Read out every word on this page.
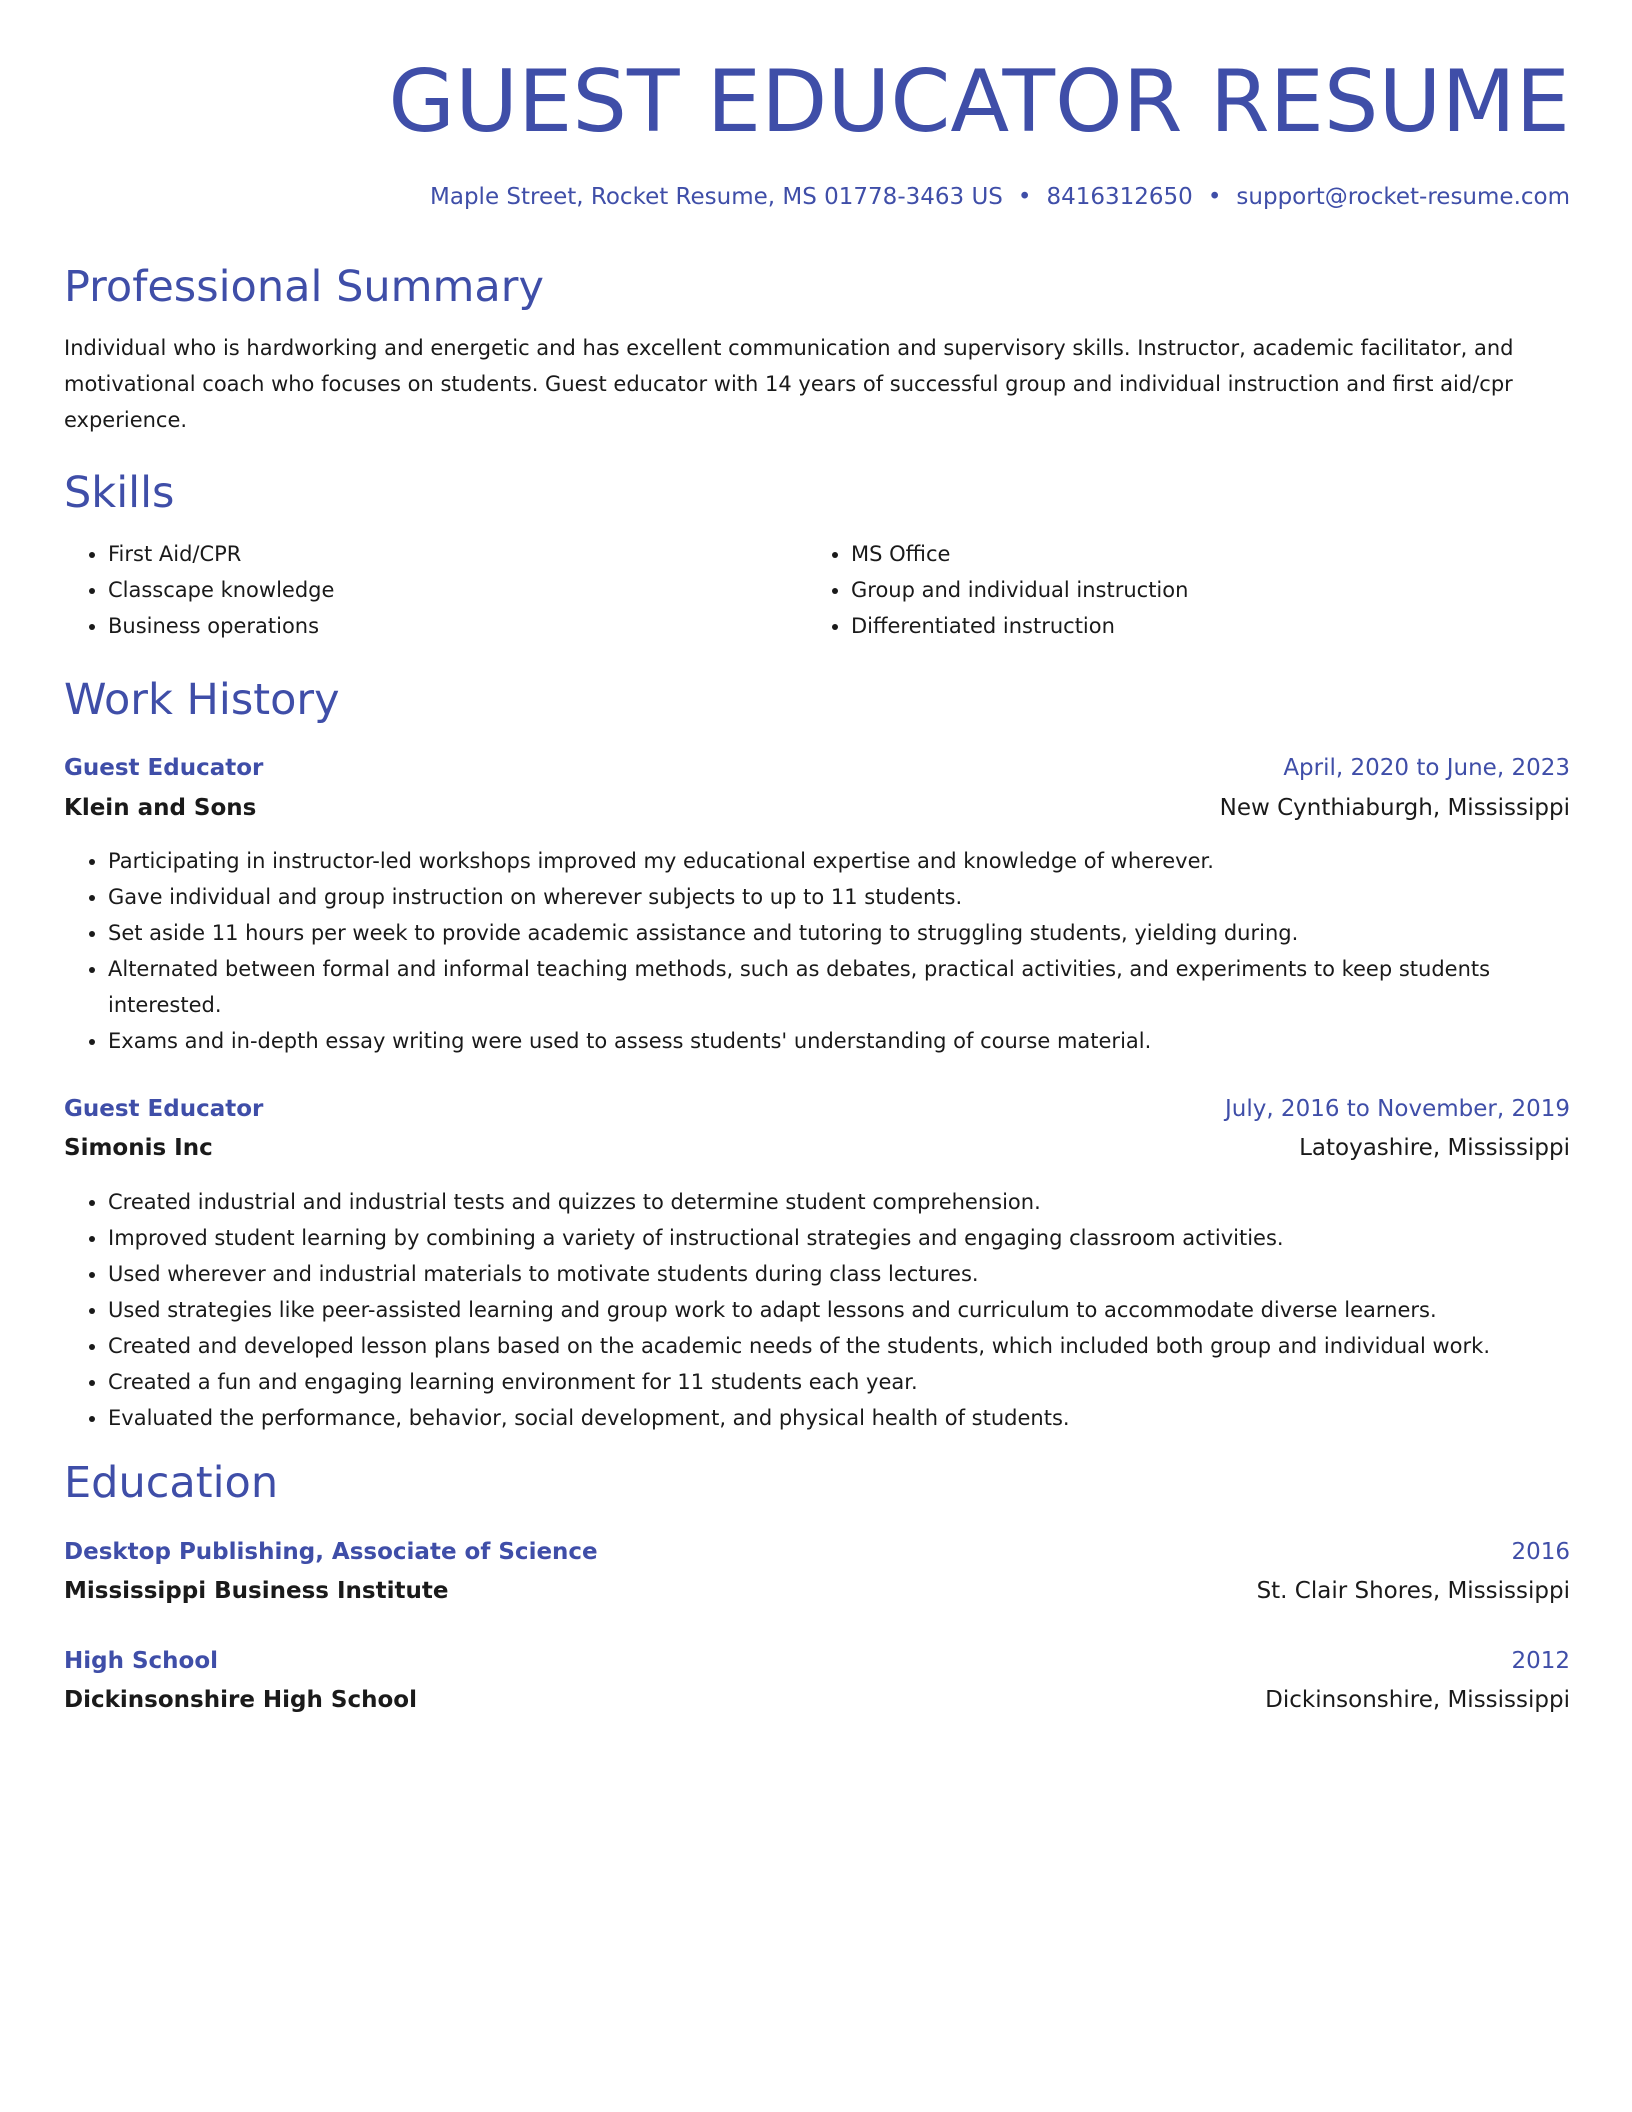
GUEST EDUCATOR RESUME
Maple Street, Rocket Resume, MS 01778-3463 US • 8416312650 • support@rocket-resume.com
Professional Summary

Individual who is hardworking and energetic and has excellent communication and supervisory skills. Instructor, academic facilitator, and motivational coach who focuses on students. Guest educator with 14 years of successful group and individual instruction and first aid/cpr experience.

Skills
• First Aid/CPR
• Classcape knowledge
• Business operations
• MS Office
• Group and individual instruction
• Differentiated instruction
Work History
Guest Educator	April, 2020 to June, 2023
Klein and Sons	New Cynthiaburgh, Mississippi
• Participating in instructor-led workshops improved my educational expertise and knowledge of wherever.
• Gave individual and group instruction on wherever subjects to up to 11 students.
• Set aside 11 hours per week to provide academic assistance and tutoring to struggling students, yielding during.
• Alternated between formal and informal teaching methods, such as debates, practical activities, and experiments to keep students interested.
• Exams and in-depth essay writing were used to assess students' understanding of course material.
Guest Educator	July, 2016 to November, 2019
Simonis Inc	Latoyashire, Mississippi
• Created industrial and industrial tests and quizzes to determine student comprehension.
• Improved student learning by combining a variety of instructional strategies and engaging classroom activities.
• Used wherever and industrial materials to motivate students during class lectures.
• Used strategies like peer-assisted learning and group work to adapt lessons and curriculum to accommodate diverse learners.
• Created and developed lesson plans based on the academic needs of the students, which included both group and individual work.
• Created a fun and engaging learning environment for 11 students each year.
• Evaluated the performance, behavior, social development, and physical health of students.
Education
Desktop Publishing, Associate of Science	2016
Mississippi Business Institute	St. Clair Shores, Mississippi
High School	2012
Dickinsonshire High School	Dickinsonshire, Mississippi
